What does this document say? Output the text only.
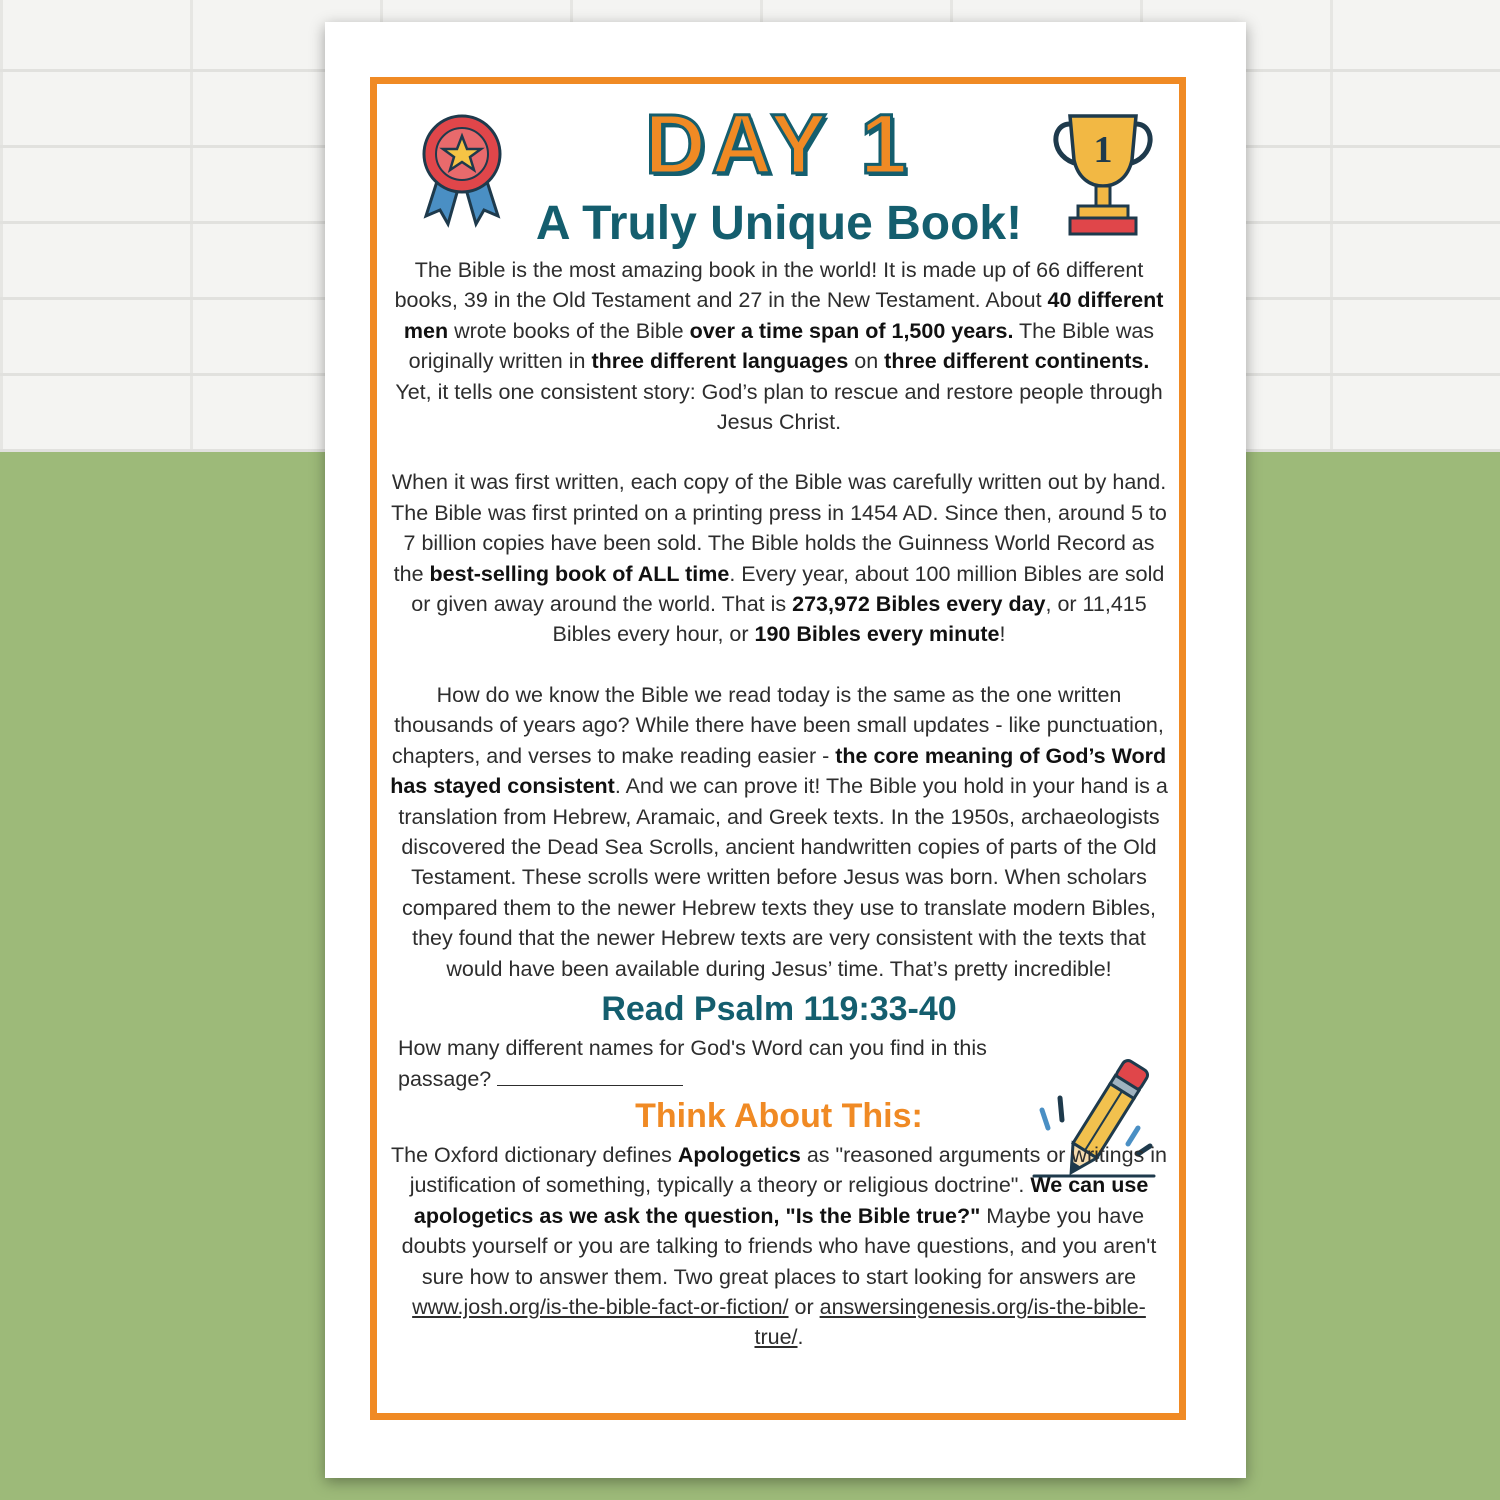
1
DAY 1
A Truly Unique Book!

The Bible is the most amazing book in the world! It is made up of 66 different books, 39 in the Old Testament and 27 in the New Testament. About 40 different men wrote books of the Bible over a time span of 1,500 years. The Bible was originally written in three different languages on three different continents. Yet, it tells one consistent story: God’s plan to rescue and restore people through Jesus Christ.

When it was first written, each copy of the Bible was carefully written out by hand. The Bible was first printed on a printing press in 1454 AD. Since then, around 5 to 7 billion copies have been sold. The Bible holds the Guinness World Record as the best-selling book of ALL time. Every year, about 100 million Bibles are sold or given away around the world. That is 273,972 Bibles every day, or 11,415 Bibles every hour, or 190 Bibles every minute!

How do we know the Bible we read today is the same as the one written thousands of years ago? While there have been small updates - like punctuation, chapters, and verses to make reading easier - the core meaning of God’s Word has stayed consistent. And we can prove it! The Bible you hold in your hand is a translation from Hebrew, Aramaic, and Greek texts. In the 1950s, archaeologists discovered the Dead Sea Scrolls, ancient handwritten copies of parts of the Old Testament. These scrolls were written before Jesus was born. When scholars compared them to the newer Hebrew texts they use to translate modern Bibles, they found that the newer Hebrew texts are very consistent with the texts that would have been available during Jesus’ time. That’s pretty incredible!

Read Psalm 119:33-40

How many different names for God's Word can you find in this passage?

Think About This:

The Oxford dictionary defines Apologetics as "reasoned arguments or writings in justification of something, typically a theory or religious doctrine". We can use apologetics as we ask the question, "Is the Bible true?" Maybe you have doubts yourself or you are talking to friends who have questions, and you aren't sure how to answer them. Two great places to start looking for answers are www.josh.org/is-the-bible-fact-or-fiction/ or answersingenesis.org/is-the-bible-true/.
